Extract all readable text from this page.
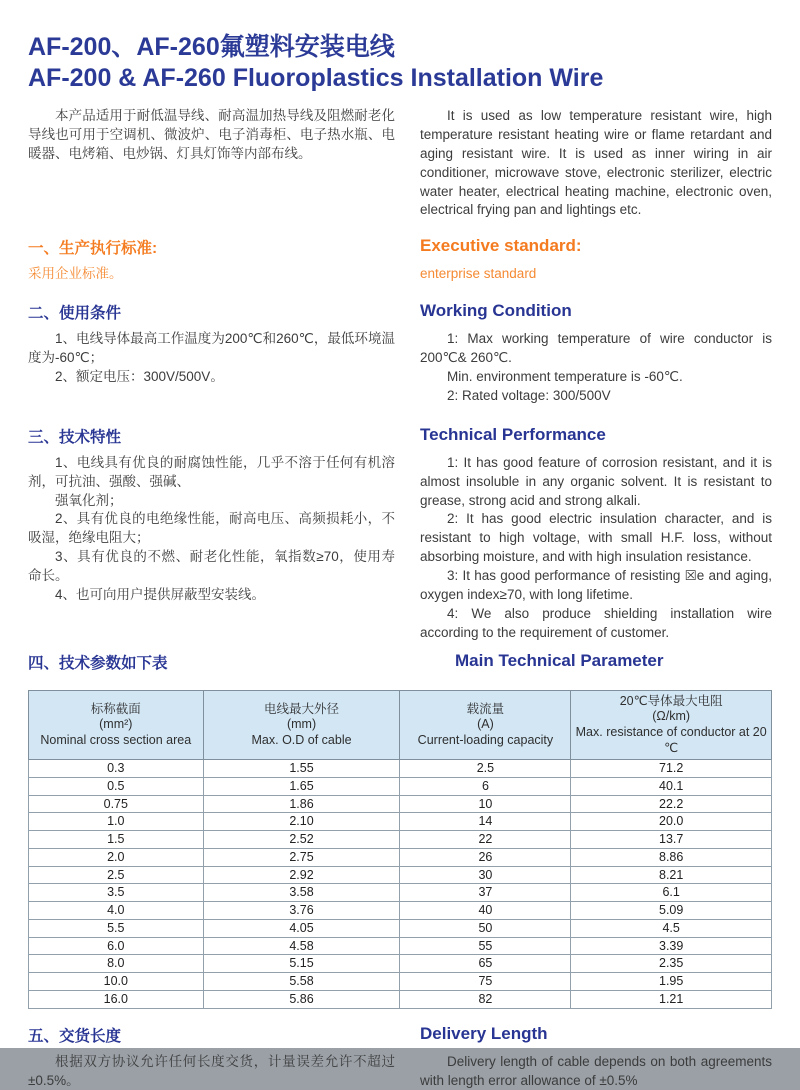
AF-200、AF-260氟塑料安装电线
AF-200 & AF-260 Fluoroplastics Installation Wire

本产品适用于耐低温导线、耐高温加热导线及阻燃耐老化导线也可用于空调机、微波炉、电子消毒柜、电子热水瓶、电暖器、电烤箱、电炒锅、灯具灯饰等内部布线。

It is used as low temperature resistant wire, high temperature resistant heating wire or flame retardant and aging resistant wire. It is used as inner wiring in air conditioner, microwave stove, electronic sterilizer, electric water heater, electrical heating machine, electronic oven, electrical frying pan and lightings etc.

一、生产执行标准:

采用企业标准。

Executive standard:

enterprise standard

二、使用条件

1、电线导体最高工作温度为200℃和260℃，最低环境温度为-60℃；

2、额定电压：300V/500V。

Working Condition

1: Max working temperature of wire conductor is 200℃& 260℃.

Min. environment temperature is -60℃.

2: Rated voltage: 300/500V

三、技术特性

1、电线具有优良的耐腐蚀性能，几乎不溶于任何有机溶剂，可抗油、强酸、强碱、

强氧化剂；

2、具有优良的电绝缘性能，耐高电压、高频损耗小，不吸湿，绝缘电阻大；

3、具有优良的不燃、耐老化性能，氧指数≥70，使用寿命长。

4、也可向用户提供屏蔽型安装线。

Technical Performance

1: It has good feature of corrosion resistant, and it is almost insoluble in any organic solvent. It is resistant to grease, strong acid and strong alkali.

2: It has good electric insulation character, and is resistant to high voltage, with small H.F. loss, without absorbing moisture, and with high insulation resistance.

3: It has good performance of resisting ☒e and aging, oxygen index≥70, with long lifetime.

4: We also produce shielding installation wire according to the requirement of customer.

四、技术参数如下表	Main Technical Parameter
标称截面
(mm²)
Nominal cross section area

电线最大外径
(mm)
Max. O.D of cable

载流量
(A)
Current-loading capacity

20℃导体最大电阻
(Ω/km)
Max. resistance of conductor at 20 ℃

0.3	1.55	2.5	71.2
0.5	1.65	6	40.1
0.75	1.86	10	22.2
1.0	2.10	14	20.0
1.5	2.52	22	13.7
2.0	2.75	26	8.86
2.5	2.92	30	8.21
3.5	3.58	37	6.1
4.0	3.76	40	5.09
5.5	4.05	50	4.5
6.0	4.58	55	3.39
8.0	5.15	65	2.35
10.0	5.58	75	1.95
16.0	5.86	82	1.21
五、交货长度

根据双方协议允许任何长度交货，计量误差允许不超过±0.5%。

Delivery Length

Delivery length of cable depends on both agreements with length error allowance of ±0.5%
